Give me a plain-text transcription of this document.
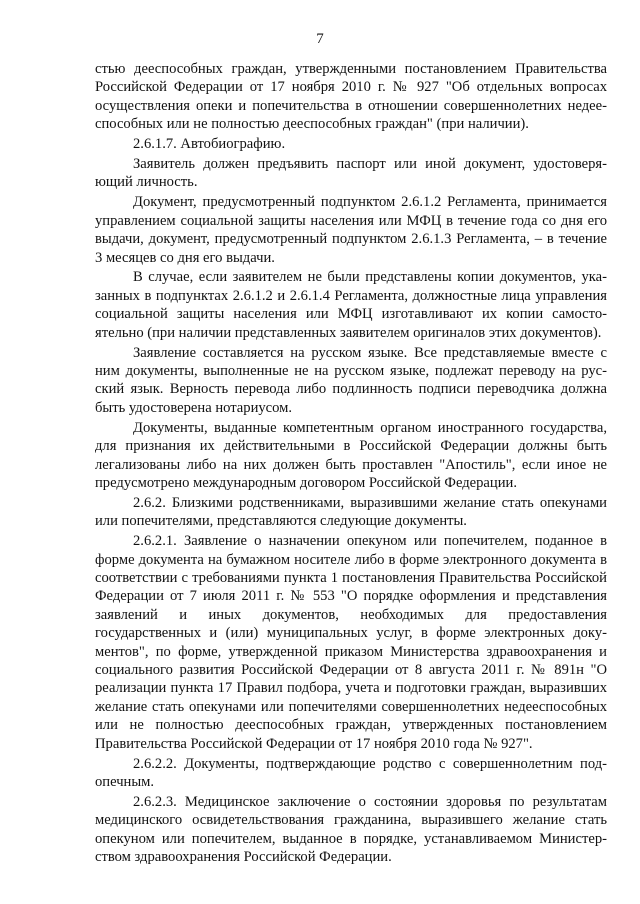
7

стью дееспособных граждан, утвержденными постановлением Правительства Российской Федерации от 17 ноября 2010 г. № 927 "Об отдельных вопросах осуществления опеки и попечительства в отношении совершеннолетних недееспособных или не полностью дееспособных граждан" (при наличии).

2.6.1.7. Автобиографию.

Заявитель должен предъявить паспорт или иной документ, удостоверяющий личность.

Документ, предусмотренный подпунктом 2.6.1.2 Регламента, принимается управлением социальной защиты населения или МФЦ в течение года со дня его выдачи, документ, предусмотренный подпунктом 2.6.1.3 Регламента, – в течение 3 месяцев со дня его выдачи.

В случае, если заявителем не были представлены копии документов, указанных в подпунктах 2.6.1.2 и 2.6.1.4 Регламента, должностные лица управления социальной защиты населения или МФЦ изготавливают их копии самостоятельно (при наличии представленных заявителем оригиналов этих документов).

Заявление составляется на русском языке. Все представляемые вместе с ним документы, выполненные не на русском языке, подлежат переводу на русский язык. Верность перевода либо подлинность подписи переводчика должна быть удостоверена нотариусом.

Документы, выданные компетентным органом иностранного государства, для признания их действительными в Российской Федерации должны быть легализованы либо на них должен быть проставлен "Апостиль", если иное не предусмотрено международным договором Российской Федерации.

2.6.2. Близкими родственниками, выразившими желание стать опекунами или попечителями, представляются следующие документы.

2.6.2.1. Заявление о назначении опекуном или попечителем, поданное в форме документа на бумажном носителе либо в форме электронного документа в соответствии с требованиями пункта 1 постановления Правительства Российской Федерации от 7 июля 2011 г. № 553 "О порядке оформления и представления заявлений и иных документов, необходимых для предоставления государственных и (или) муниципальных услуг, в форме электронных документов", по форме, утвержденной приказом Министерства здравоохранения и социального развития Российской Федерации от 8 августа 2011 г. № 891н "О реализации пункта 17 Правил подбора, учета и подготовки граждан, выразивших желание стать опекунами или попечителями совершеннолетних недееспособных или не полностью дееспособных граждан, утвержденных постановлением Правительства Российской Федерации от 17 ноября 2010 года № 927".

2.6.2.2. Документы, подтверждающие родство с совершеннолетним подопечным.

2.6.2.3. Медицинское заключение о состоянии здоровья по результатам медицинского освидетельствования гражданина, выразившего желание стать опекуном или попечителем, выданное в порядке, устанавливаемом Министерством здравоохранения Российской Федерации.
